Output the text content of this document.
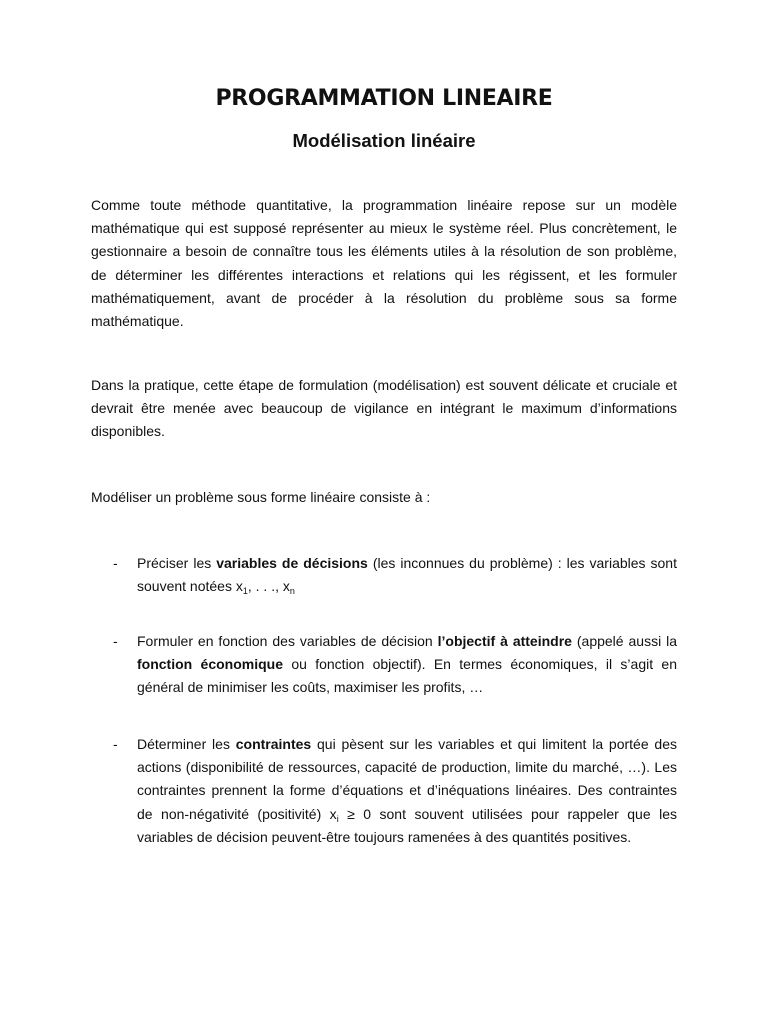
PROGRAMMATION LINEAIRE
Modélisation linéaire

Comme toute méthode quantitative, la programmation linéaire repose sur un modèle mathématique qui est supposé représenter au mieux le système réel. Plus concrètement, le gestionnaire a besoin de connaître tous les éléments utiles à la résolution de son problème, de déterminer les différentes interactions et relations qui les régissent, et les formuler mathématiquement, avant de procéder à la résolution du problème sous sa forme mathématique.

Dans la pratique, cette étape de formulation (modélisation) est souvent délicate et cruciale et devrait être menée avec beaucoup de vigilance en intégrant le maximum d’informations disponibles.

Modéliser un problème sous forme linéaire consiste à :

- Préciser les variables de décisions (les inconnues du problème) : les variables sont souvent notées $x_1$, . . ., $x_n$

- Formuler en fonction des variables de décision l’objectif à atteindre (appelé aussi la fonction économique ou fonction objectif). En termes économiques, il s’agit en général de minimiser les coûts, maximiser les profits, …

- Déterminer les contraintes qui pèsent sur les variables et qui limitent la portée des actions (disponibilité de ressources, capacité de production, limite du marché, …). Les contraintes prennent la forme d’équations et d’inéquations linéaires. Des contraintes de non-négativité (positivité) $x_i \ge 0$ sont souvent utilisées pour rappeler que les variables de décision peuvent-être toujours ramenées à des quantités positives.
